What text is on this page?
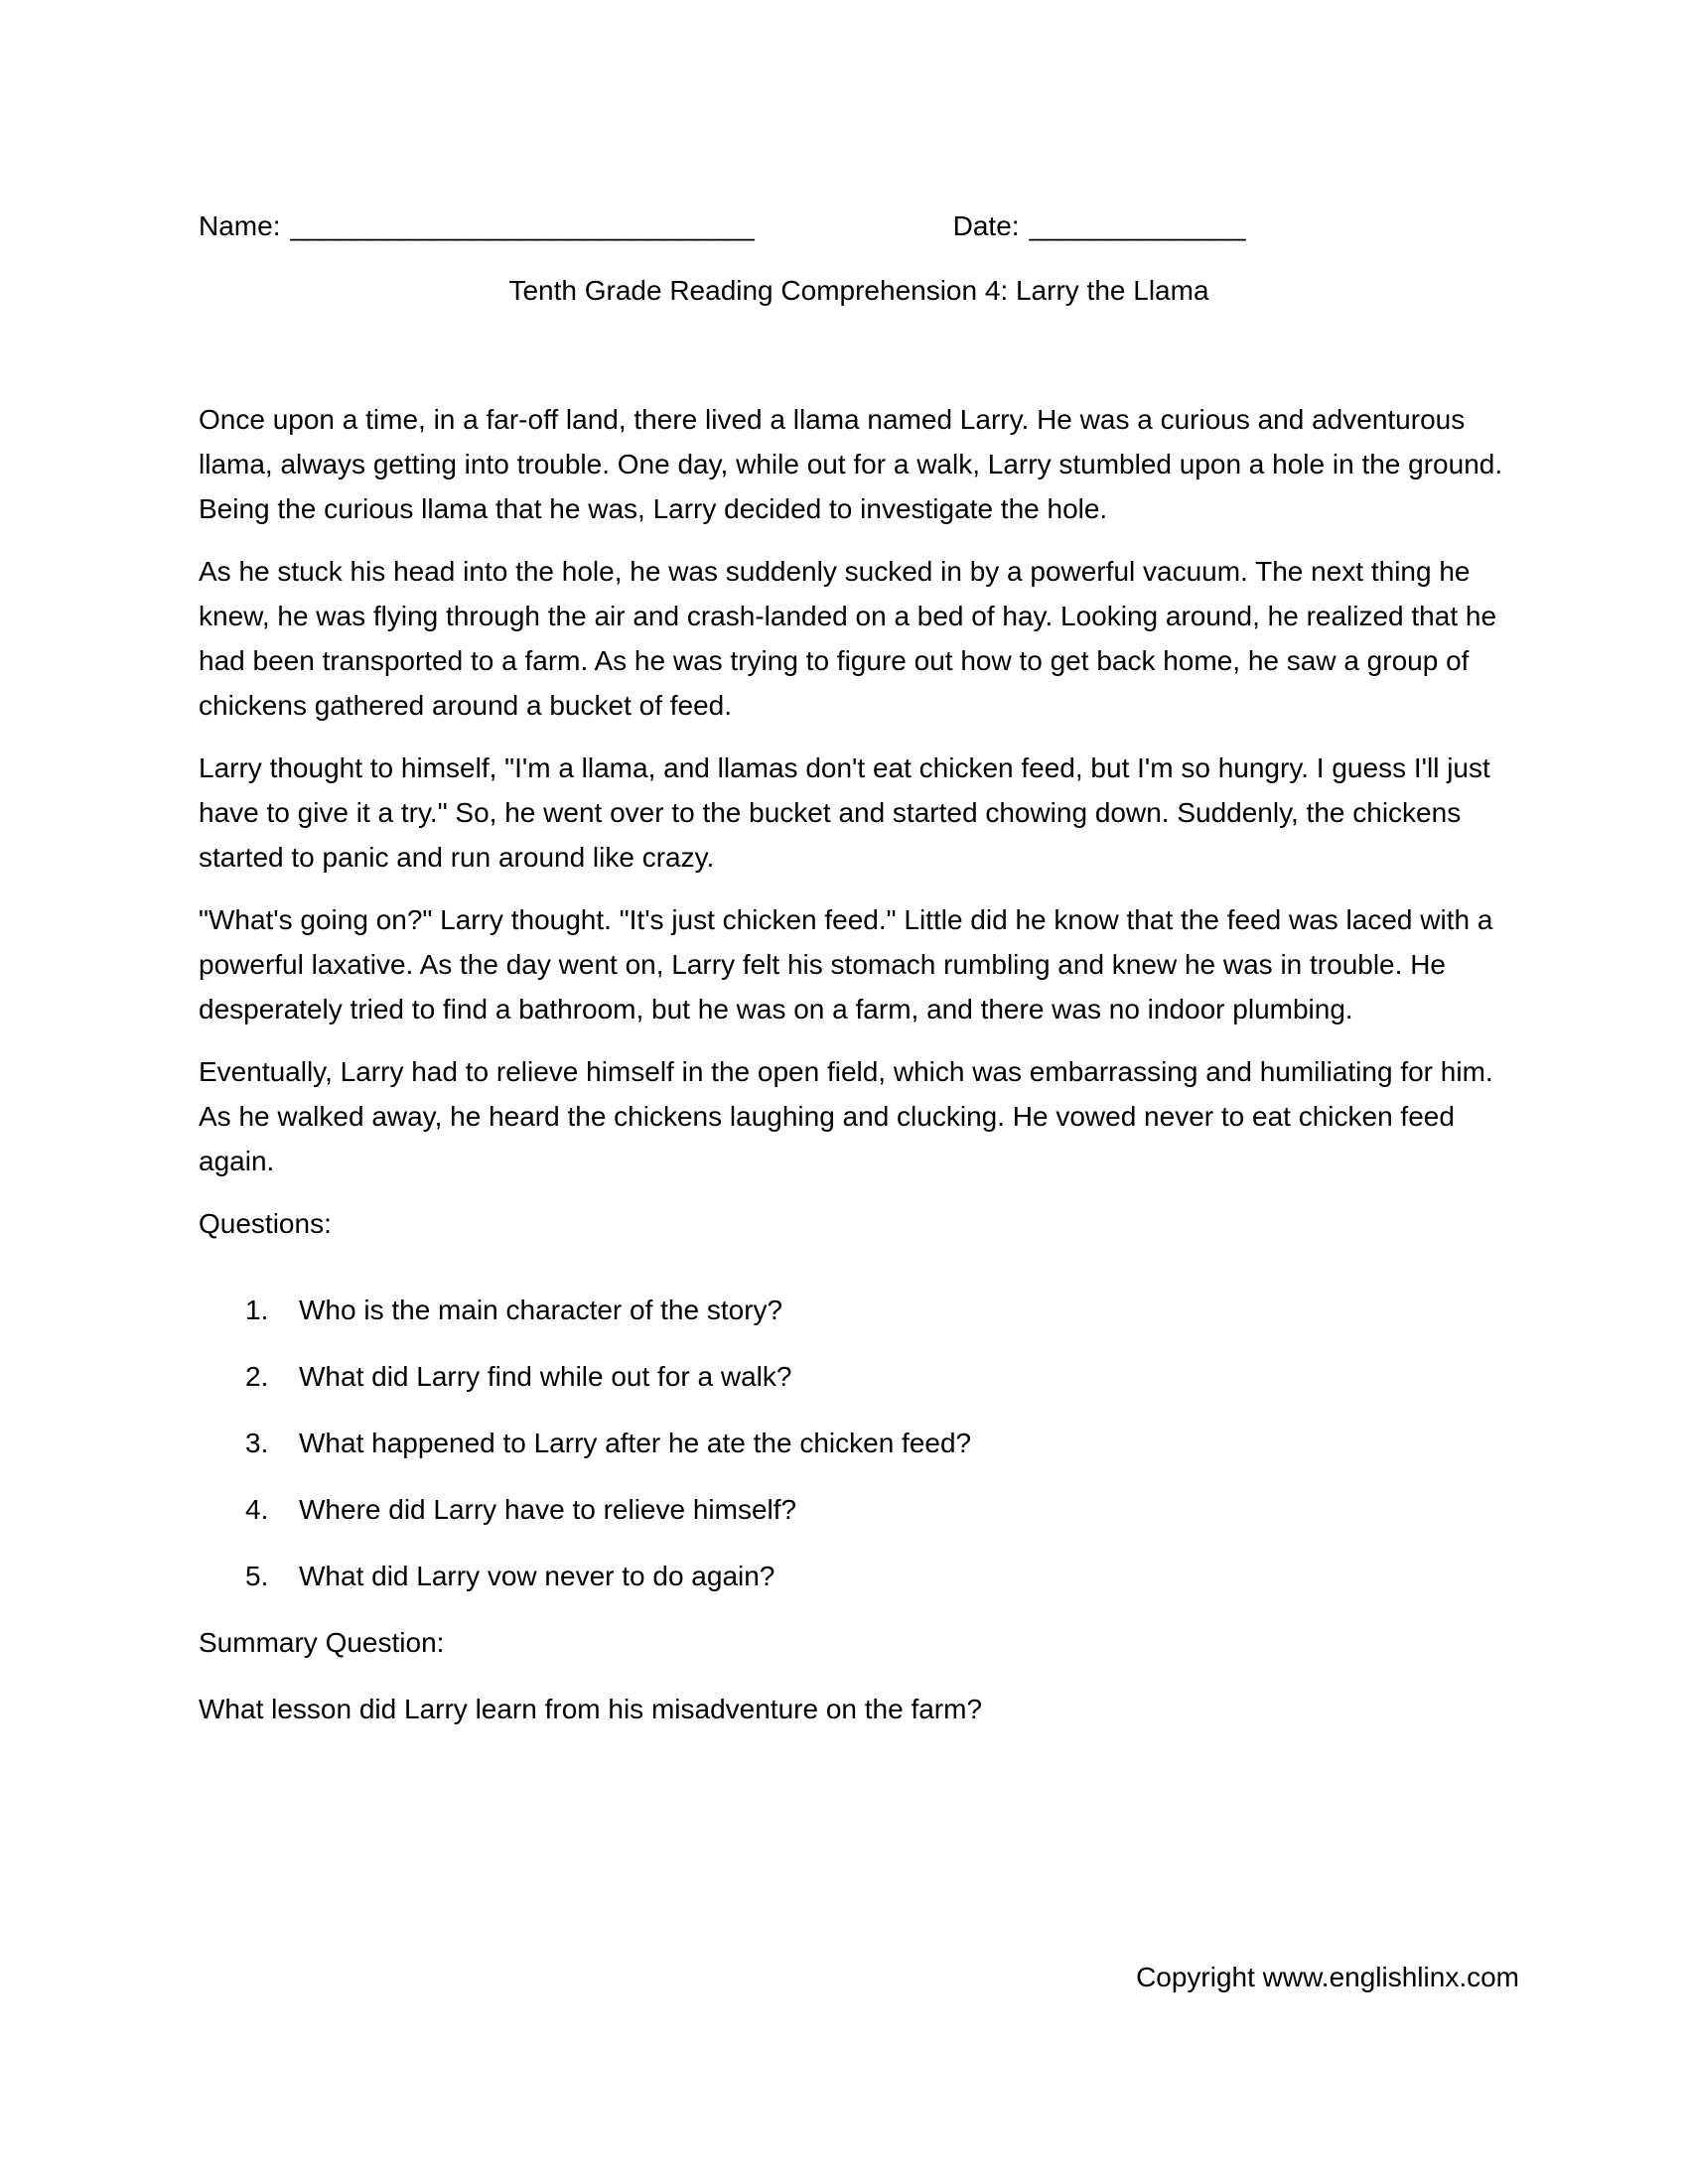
Name: ______________________________	Date: ______________
Tenth Grade Reading Comprehension 4: Larry the Llama

Once upon a time, in a far-off land, there lived a llama named Larry. He was a curious and adventurous llama, always getting into trouble. One day, while out for a walk, Larry stumbled upon a hole in the ground. Being the curious llama that he was, Larry decided to investigate the hole.

As he stuck his head into the hole, he was suddenly sucked in by a powerful vacuum. The next thing he knew, he was flying through the air and crash-landed on a bed of hay. Looking around, he realized that he had been transported to a farm. As he was trying to figure out how to get back home, he saw a group of chickens gathered around a bucket of feed.

Larry thought to himself, "I'm a llama, and llamas don't eat chicken feed, but I'm so hungry. I guess I'll just have to give it a try." So, he went over to the bucket and started chowing down. Suddenly, the chickens started to panic and run around like crazy.

"What's going on?" Larry thought. "It's just chicken feed." Little did he know that the feed was laced with a powerful laxative. As the day went on, Larry felt his stomach rumbling and knew he was in trouble. He desperately tried to find a bathroom, but he was on a farm, and there was no indoor plumbing.

Eventually, Larry had to relieve himself in the open field, which was embarrassing and humiliating for him. As he walked away, he heard the chickens laughing and clucking. He vowed never to eat chicken feed again.

Questions:
1.	Who is the main character of the story?
2.	What did Larry find while out for a walk?
3.	What happened to Larry after he ate the chicken feed?
4.	Where did Larry have to relieve himself?
5.	What did Larry vow never to do again?
Summary Question:

What lesson did Larry learn from his misadventure on the farm?

Copyright www.englishlinx.com
